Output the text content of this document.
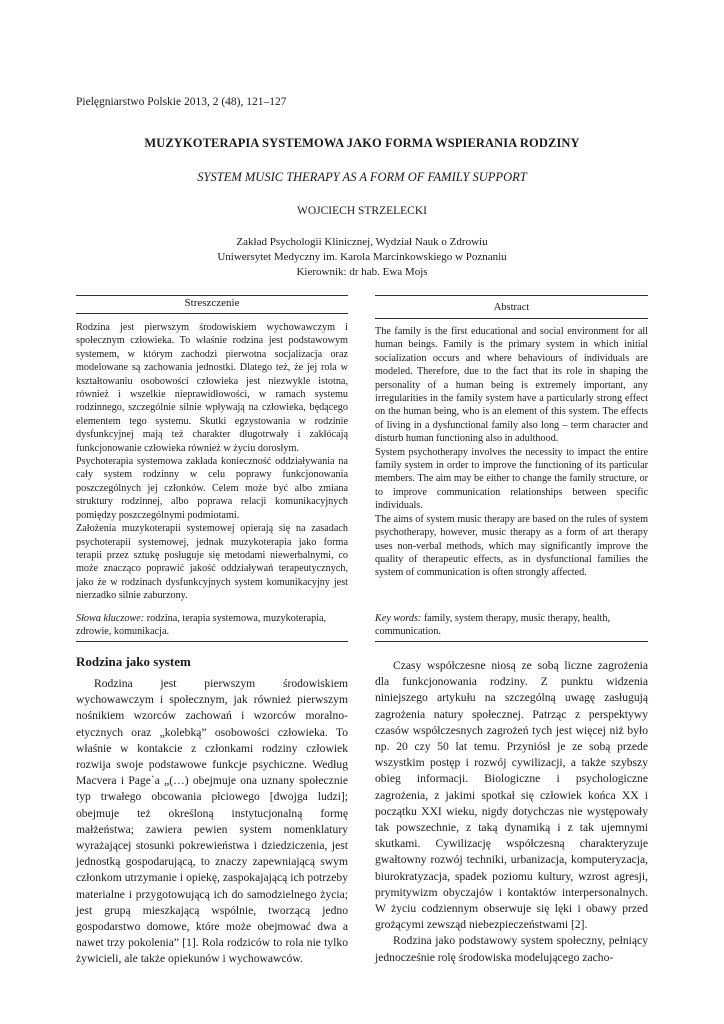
Pielęgniarstwo Polskie 2013, 2 (48), 121–127
MUZYKOTERAPIA SYSTEMOWA JAKO FORMA WSPIERANIA RODZINY
SYSTEM MUSIC THERAPY AS A FORM OF FAMILY SUPPORT
WOJCIECH STRZELECKI
Zakład Psychologii Klinicznej, Wydział Nauk o Zdrowiu
Uniwersytet Medyczny im. Karola Marcinkowskiego w Poznaniu
Kierownik: dr hab. Ewa Mojs
Streszczenie

Rodzina jest pierwszym środowiskiem wychowawczym i społecznym człowieka. To właśnie rodzina jest podstawowym systemem, w którym zachodzi pierwotna socjalizacja oraz modelowane są zachowania jednostki. Dlatego też, że jej rola w kształtowaniu osobowości człowieka jest niezwykle istotna, również i wszelkie nieprawidłowości, w ramach systemu rodzinnego, szczególnie silnie wpływają na człowieka, będącego elementem tego systemu. Skutki egzystowania w rodzinie dysfunkcyjnej mają też charakter długotrwały i zakłócają funkcjonowanie człowieka również w życiu dorosłym.

Psychoterapia systemowa zakłada konieczność oddziaływania na cały system rodzinny w celu poprawy funkcjonowania poszczególnych jej członków. Celem może być albo zmiana struktury rodzinnej, albo poprawa relacji komunikacyjnych pomiędzy poszczególnymi podmiotami.

Założenia muzykoterapii systemowej opierają się na zasadach psychoterapii systemowej, jednak muzykoterapia jako forma terapii przez sztukę posługuje się metodami niewerbalnymi, co może znacząco poprawić jakość oddziaływań terapeutycznych, jako że w rodzinach dysfunkcyjnych system komunikacyjny jest nierzadko silnie zaburzony.

Słowa kluczowe: rodzina, terapia systemowa, muzykoterapia, zdrowie, komunikacja.
Abstract

The family is the first educational and social environment for all human beings. Family is the primary system in which initial socialization occurs and where behaviours of individuals are modeled. Therefore, due to the fact that its role in shaping the personality of a human being is extremely important, any irregularities in the family system have a particularly strong effect on the human being, who is an element of this system. The effects of living in a dysfunctional family also long – term character and disturb human functioning also in adulthood.

System psychotherapy involves the necessity to impact the entire family system in order to improve the functioning of its particular members. The aim may be either to change the family structure, or to improve communication relationships between specific individuals.

The aims of system music therapy are based on the rules of system psychotherapy, however, music therapy as a form of art therapy uses non-verbal methods, which may significantly improve the quality of therapeutic effects, as in dysfunctional families the system of communication is often strongly affected.

Key words: family, system therapy, music therapy, health, communication.
Rodzina jako system

Rodzina jest pierwszym środowiskiem wychowawczym i społecznym, jak również pierwszym nośnikiem wzorców zachowań i wzorców moralno-etycznych oraz „kolebką” osobowości człowieka. To właśnie w kontakcie z członkami rodziny człowiek rozwija swoje podstawowe funkcje psychiczne. Według Macvera i Page`a „(…) obejmuje ona uznany społecznie typ trwałego obcowania płciowego [dwojga ludzi]; obejmuje też określoną instytucjonalną formę małżeństwa; zawiera pewien system nomenklatury wyrażającej stosunki pokrewieństwa i dziedziczenia, jest jednostką gospodarującą, to znaczy zapewniającą swym członkom utrzymanie i opiekę, zaspokajającą ich potrzeby materialne i przygotowującą ich do samodzielnego życia; jest grupą mieszkającą wspólnie, tworzącą jedno gospodarstwo domowe, które może obejmować dwa a nawet trzy pokolenia” [1]. Rola rodziców to rola nie tylko żywicieli, ale także opiekunów i wychowawców.

Czasy współczesne niosą ze sobą liczne zagrożenia dla funkcjonowania rodziny. Z punktu widzenia niniejszego artykułu na szczególną uwagę zasługują zagrożenia natury społecznej. Patrząc z perspektywy czasów współczesnych zagrożeń tych jest więcej niż było np. 20 czy 50 lat temu. Przyniósł je ze sobą przede wszystkim postęp i rozwój cywilizacji, a także szybszy obieg informacji. Biologiczne i psychologiczne zagrożenia, z jakimi spotkał się człowiek końca XX i początku XXI wieku, nigdy dotychczas nie występowały tak powszechnie, z taką dynamiką i z tak ujemnymi skutkami. Cywilizację współczesną charakteryzuje gwałtowny rozwój techniki, urbanizacja, komputeryzacja, biurokratyzacja, spadek poziomu kultury, wzrost agresji, prymitywizm obyczajów i kontaktów interpersonalnych. W życiu codziennym obserwuje się lęki i obawy przed grożącymi zewsząd niebezpieczeństwami [2].

Rodzina jako podstawowy system społeczny, pełniący jednocześnie rolę środowiska modelującego zacho-
